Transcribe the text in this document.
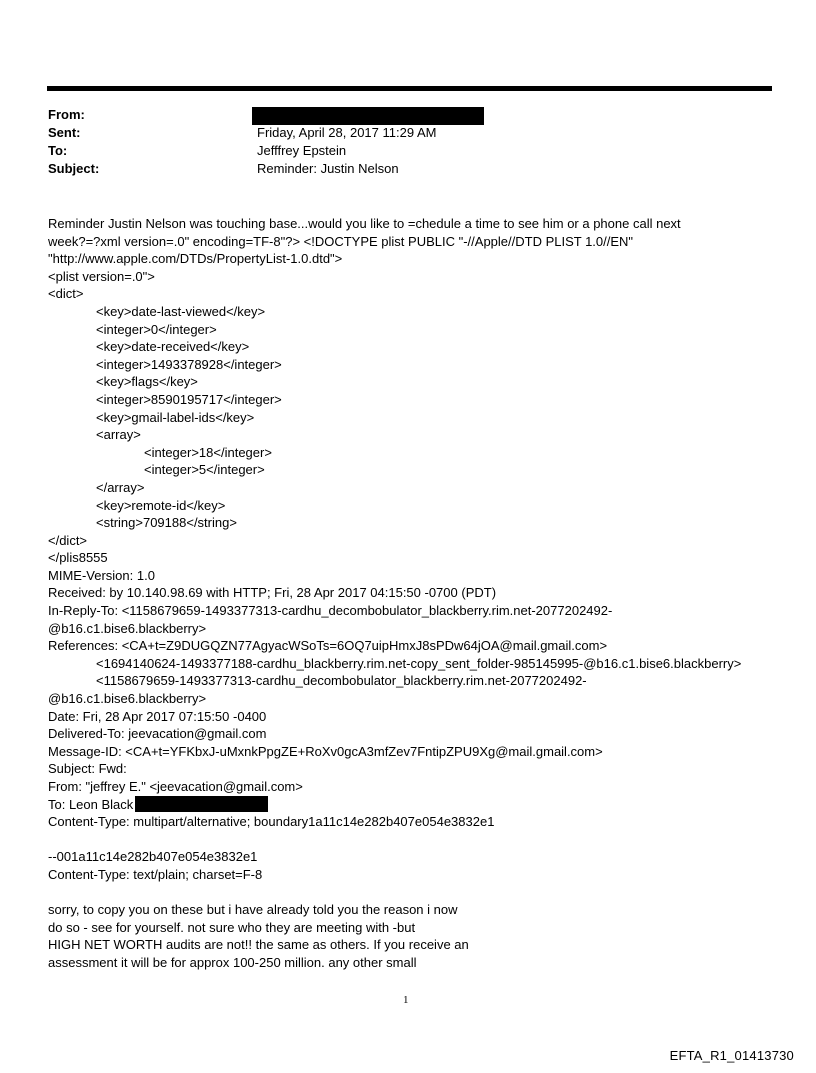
From:
Sent:	Friday, April 28, 2017 11:29 AM
To:	Jefffrey Epstein
Subject:	Reminder: Justin Nelson
Reminder Justin Nelson was touching base...would you like to =chedule a time to see him or a phone call next
week?=?xml version=.0" encoding=TF-8"?> <!DOCTYPE plist PUBLIC "-//Apple//DTD PLIST 1.0//EN"
"http://www.apple.com/DTDs/PropertyList-1.0.dtd">
<plist version=.0">
<dict>
<key>date-last-viewed</key>
<integer>0</integer>
<key>date-received</key>
<integer>1493378928</integer>
<key>flags</key>
<integer>8590195717</integer>
<key>gmail-label-ids</key>
<array>
<integer>18</integer>
<integer>5</integer>
</array>
<key>remote-id</key>
<string>709188</string>
</dict>
</plis8555
MIME-Version: 1.0
Received: by 10.140.98.69 with HTTP; Fri, 28 Apr 2017 04:15:50 -0700 (PDT)
In-Reply-To: <1158679659-1493377313-cardhu_decombobulator_blackberry.rim.net-2077202492-
@b16.c1.bise6.blackberry>
References: <CA+t=Z9DUGQZN77AgyacWSoTs=6OQ7uipHmxJ8sPDw64jOA@mail.gmail.com>
<1694140624-1493377188-cardhu_blackberry.rim.net-copy_sent_folder-985145995-@b16.c1.bise6.blackberry>
<1158679659-1493377313-cardhu_decombobulator_blackberry.rim.net-2077202492-
@b16.c1.bise6.blackberry>
Date: Fri, 28 Apr 2017 07:15:50 -0400
Delivered-To: jeevacation@gmail.com
Message-ID: <CA+t=YFKbxJ-uMxnkPpgZE+RoXv0gcA3mfZev7FntipZPU9Xg@mail.gmail.com>
Subject: Fwd:
From: "jeffrey E." <jeevacation@gmail.com>
To: Leon Black
Content-Type: multipart/alternative; boundary1a11c14e282b407e054e3832e1
--001a11c14e282b407e054e3832e1
Content-Type: text/plain; charset=F-8
sorry, to copy you on these but i have already told you the reason i now
do so - see for yourself. not sure who they are meeting with -but
HIGH NET WORTH audits are not!! the same as others. If you receive an
assessment it will be for approx 100-250 million. any other small
1
EFTA_R1_01413730
